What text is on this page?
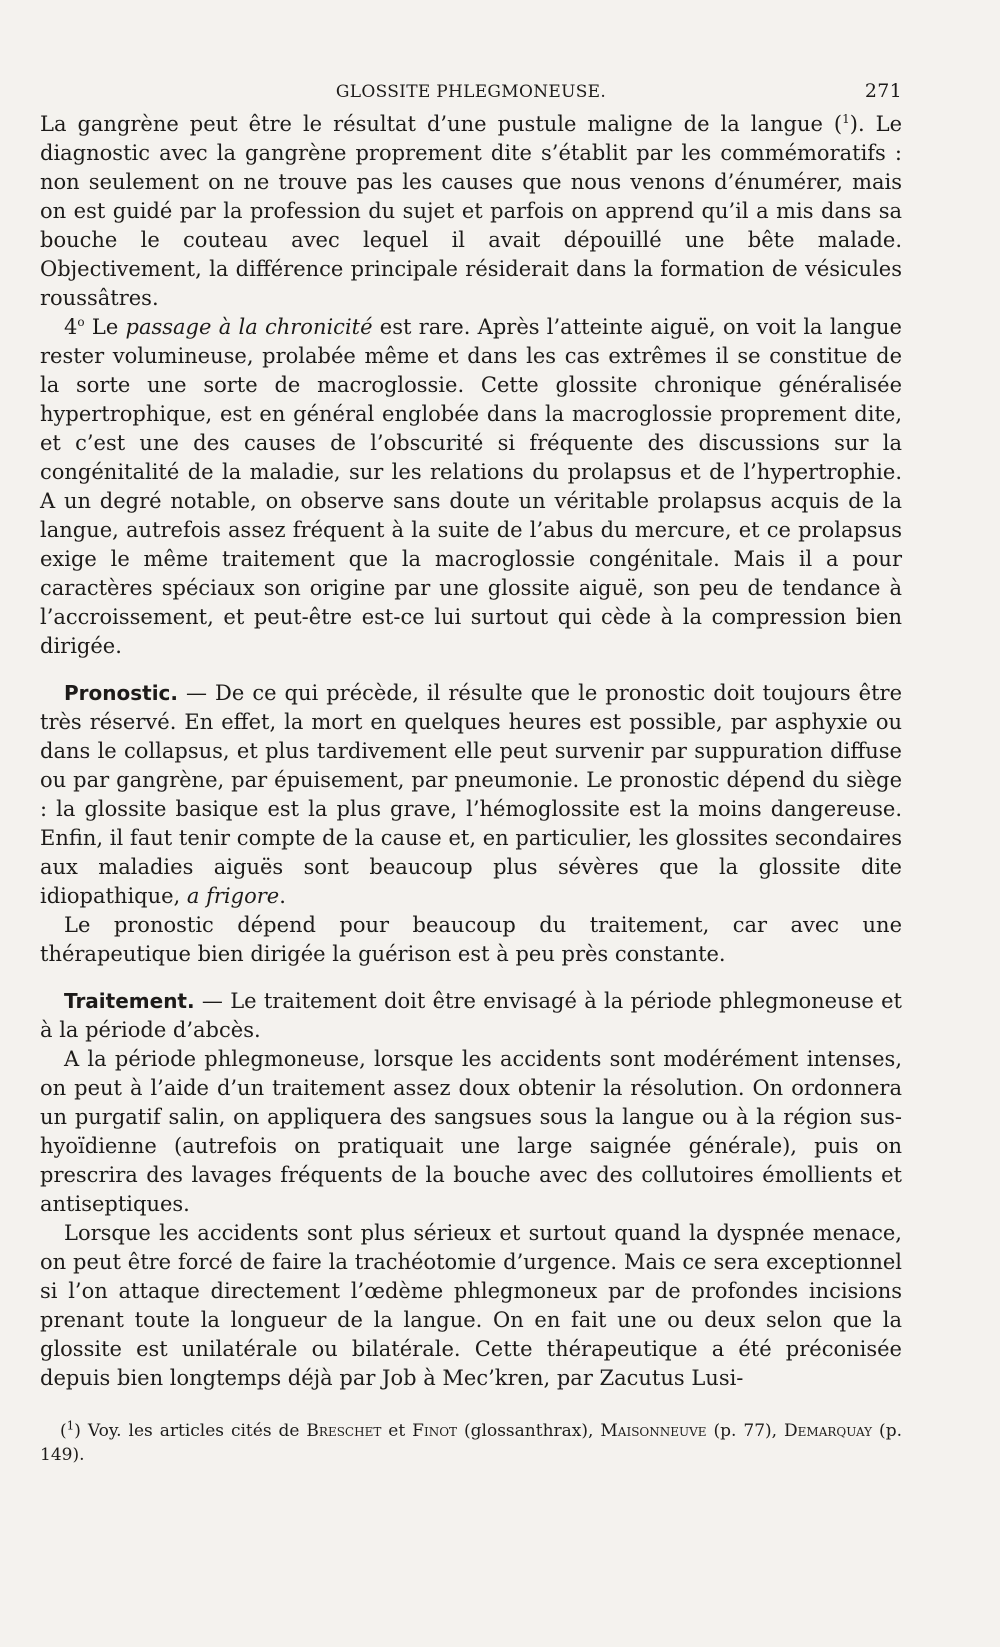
GLOSSITE PHLEGMONEUSE.	271

La gangrène peut être le résultat d’une pustule maligne de la langue ($^1$). Le diagnostic avec la gangrène proprement dite s’établit par les commémoratifs : non seulement on ne trouve pas les causes que nous venons d’énumérer, mais on est guidé par la profession du sujet et parfois on apprend qu’il a mis dans sa bouche le couteau avec lequel il avait dépouillé une bête malade. Objectivement, la différence principale résiderait dans la formation de vésicules roussâtres.

4$^o$ Le passage à la chronicité est rare. Après l’atteinte aiguë, on voit la langue rester volumineuse, prolabée même et dans les cas extrêmes il se constitue de la sorte une sorte de macroglossie. Cette glossite chronique généralisée hypertrophique, est en général englobée dans la macroglossie proprement dite, et c’est une des causes de l’obscurité si fréquente des discussions sur la congénitalité de la maladie, sur les relations du prolapsus et de l’hypertrophie. A un degré notable, on observe sans doute un véritable prolapsus acquis de la langue, autrefois assez fréquent à la suite de l’abus du mercure, et ce prolapsus exige le même traitement que la macroglossie congénitale. Mais il a pour caractères spéciaux son origine par une glossite aiguë, son peu de tendance à l’accroissement, et peut-être est-ce lui surtout qui cède à la compression bien dirigée.

Pronostic. — De ce qui précède, il résulte que le pronostic doit toujours être très réservé. En effet, la mort en quelques heures est possible, par asphyxie ou dans le collapsus, et plus tardivement elle peut survenir par suppuration diffuse ou par gangrène, par épuisement, par pneumonie. Le pronostic dépend du siège : la glossite basique est la plus grave, l’hémoglossite est la moins dangereuse. Enfin, il faut tenir compte de la cause et, en particulier, les glossites secondaires aux maladies aiguës sont beaucoup plus sévères que la glossite dite idiopathique, a frigore.

Le pronostic dépend pour beaucoup du traitement, car avec une thérapeutique bien dirigée la guérison est à peu près constante.

Traitement. — Le traitement doit être envisagé à la période phlegmoneuse et à la période d’abcès.

A la période phlegmoneuse, lorsque les accidents sont modérément intenses, on peut à l’aide d’un traitement assez doux obtenir la résolution. On ordonnera un purgatif salin, on appliquera des sangsues sous la langue ou à la région sus-hyoïdienne (autrefois on pratiquait une large saignée générale), puis on prescrira des lavages fréquents de la bouche avec des collutoires émollients et antiseptiques.

Lorsque les accidents sont plus sérieux et surtout quand la dyspnée menace, on peut être forcé de faire la trachéotomie d’urgence. Mais ce sera exceptionnel si l’on attaque directement l’œdème phlegmoneux par de profondes incisions prenant toute la longueur de la langue. On en fait une ou deux selon que la glossite est unilatérale ou bilatérale. Cette thérapeutique a été préconisée depuis bien longtemps déjà par Job à Mec’kren, par Zacutus Lusi-

($^1$) Voy. les articles cités de Breschet et Finot (glossanthrax), Maisonneuve (p. 77), Demarquay (p. 149).
